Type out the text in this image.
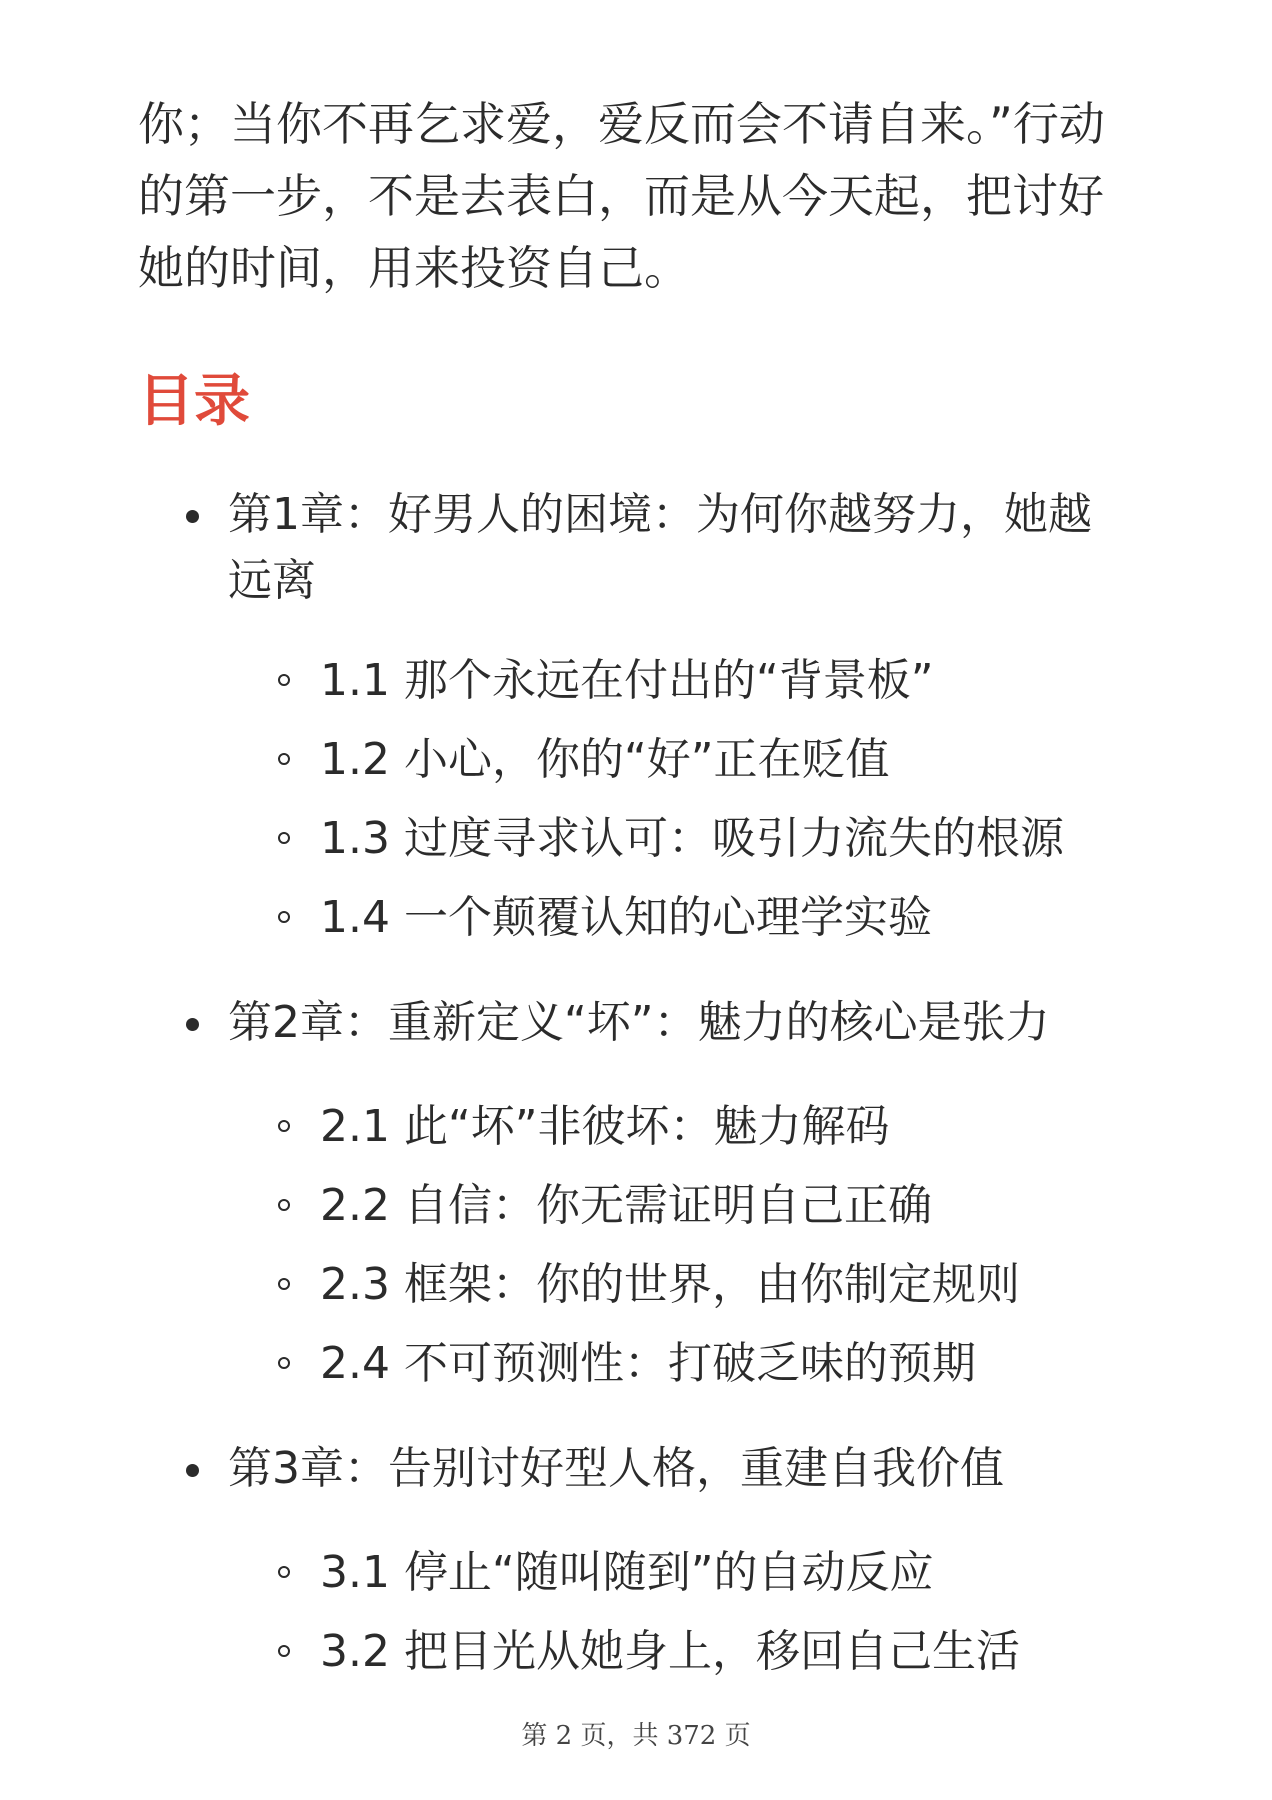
你；当你不再乞求爱，爱反而会不请自来。”行动的第一步，不是去表白，而是从今天起，把讨好她的时间，用来投资自己。

目录
第1章：好男人的困境：为何你越努力，她越远离
1.1 那个永远在付出的“背景板”
1.2 小心，你的“好”正在贬值
1.3 过度寻求认可：吸引力流失的根源
1.4 一个颠覆认知的心理学实验
第2章：重新定义“坏”：魅力的核心是张力
2.1 此“坏”非彼坏：魅力解码
2.2 自信：你无需证明自己正确
2.3 框架：你的世界，由你制定规则
2.4 不可预测性：打破乏味的预期
第3章：告别讨好型人格，重建自我价值
3.1 停止“随叫随到”的自动反应
3.2 把目光从她身上，移回自己生活
第 2 页，共 372 页
